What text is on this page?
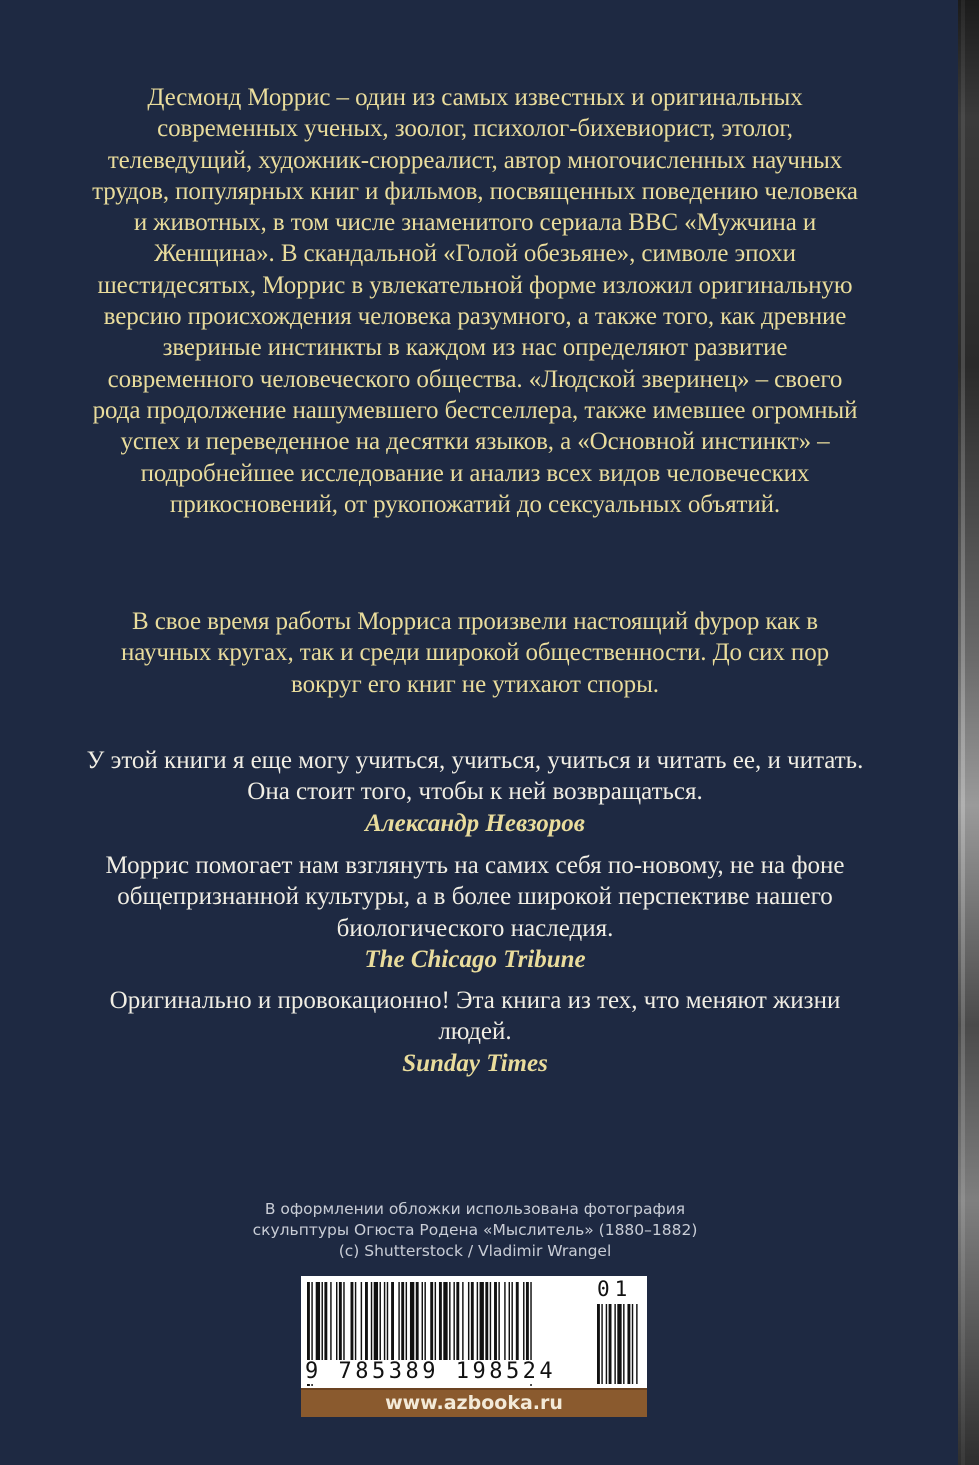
Десмонд Моррис – один из самых известных и оригинальных современных ученых, зоолог, психолог-бихевиорист, этолог, телеведущий, художник-сюрреалист, автор многочисленных научных трудов, популярных книг и фильмов, посвященных поведению человека и животных, в том числе знаменитого сериала BBC «Мужчина и Женщина». В скандальной «Голой обезьяне», символе эпохи шестидесятых, Моррис в увлекательной форме изложил оригинальную версию происхождения человека разумного, а также того, как древние звериные инстинкты в каждом из нас определяют развитие современного человеческого общества. «Людской зверинец» – своего рода продолжение нашумевшего бестселлера, также имевшее огромный успех и переведенное на десятки языков, а «Основной инстинкт» – подробнейшее исследование и анализ всех видов человеческих прикосновений, от рукопожатий до сексуальных объятий.

В свое время работы Морриса произвели настоящий фурор как в научных кругах, так и среди широкой общественности. До сих пор вокруг его книг не утихают споры.

У этой книги я еще могу учиться, учиться, учиться и читать ее, и читать. Она стоит того, чтобы к ней возвращаться.
Александр Невзоров

Моррис помогает нам взглянуть на самих себя по-новому, не на фоне общепризнанной культуры, а в более широкой перспективе нашего биологического наследия.
The Chicago Tribune

Оригинально и провокационно! Эта книга из тех, что меняют жизни людей.
Sunday Times

В оформлении обложки использована фотография
скульптуры Огюста Родена «Мыслитель» (1880–1882)
(c) Shutterstock / Vladimir Wrangel

01
9 785389 198524
www.azbooka.ru
